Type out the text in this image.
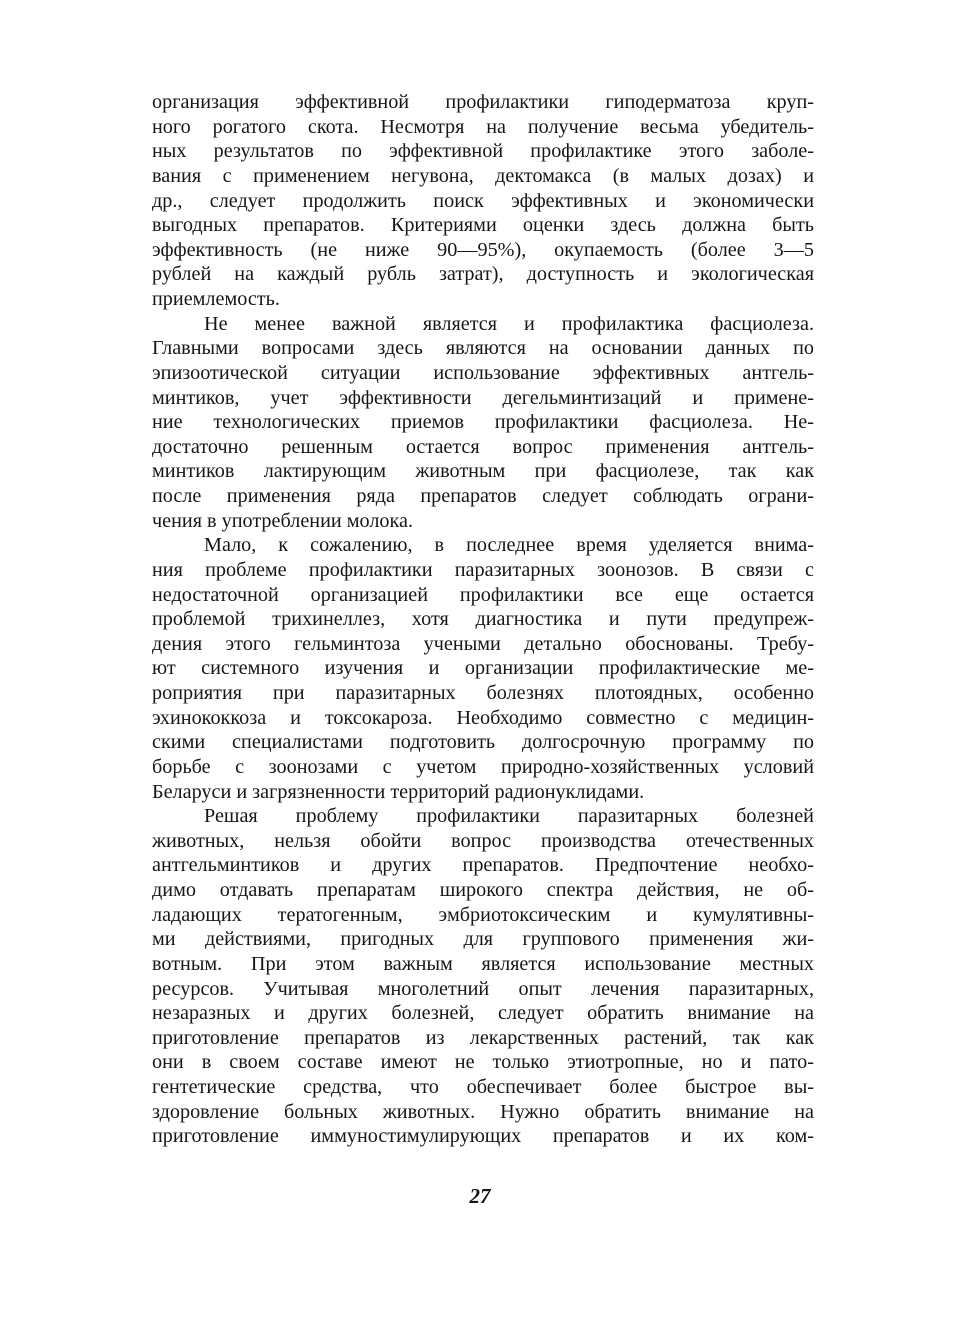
организация эффективной профилактики гиподерматоза круп-
ного рогатого скота. Несмотря на получение весьма убедитель-
ных результатов по эффективной профилактике этого заболе-
вания с применением негувона, дектомакса (в малых дозах) и
др., следует продолжить поиск эффективных и экономически
выгодных препаратов. Критериями оценки здесь должна быть
эффективность (не ниже 90—95%), окупаемость (более 3—5
рублей на каждый рубль затрат), доступность и экологическая
приемлемость.
Не менее важной является и профилактика фасциолеза.
Главными вопросами здесь являются на основании данных по
эпизоотической ситуации использование эффективных антгель-
минтиков, учет эффективности дегельминтизаций и примене-
ние технологических приемов профилактики фасциолеза. Не-
достаточно решенным остается вопрос применения антгель-
минтиков лактирующим животным при фасциолезе, так как
после применения ряда препаратов следует соблюдать ограни-
чения в употреблении молока.
Мало, к сожалению, в последнее время уделяется внима-
ния проблеме профилактики паразитарных зоонозов. В связи с
недостаточной организацией профилактики все еще остается
проблемой трихинеллез, хотя диагностика и пути предупреж-
дения этого гельминтоза учеными детально обоснованы. Требу-
ют системного изучения и организации профилактические ме-
роприятия при паразитарных болезнях плотоядных, особенно
эхинококкоза и токсокароза. Необходимо совместно с медицин-
скими специалистами подготовить долгосрочную программу по
борьбе с зоонозами с учетом природно-хозяйственных условий
Беларуси и загрязненности территорий радионуклидами.
Решая проблему профилактики паразитарных болезней
животных, нельзя обойти вопрос производства отечественных
антгельминтиков и других препаратов. Предпочтение необхо-
димо отдавать препаратам широкого спектра действия, не об-
ладающих тератогенным, эмбриотоксическим и кумулятивны-
ми действиями, пригодных для группового применения жи-
вотным. При этом важным является использование местных
ресурсов. Учитывая многолетний опыт лечения паразитарных,
незаразных и других болезней, следует обратить внимание на
приготовление препаратов из лекарственных растений, так как
они в своем составе имеют не только этиотропные, но и пато-
гентетические средства, что обеспечивает более быстрое вы-
здоровление больных животных. Нужно обратить внимание на
приготовление иммуностимулирующих препаратов и их ком-
27
